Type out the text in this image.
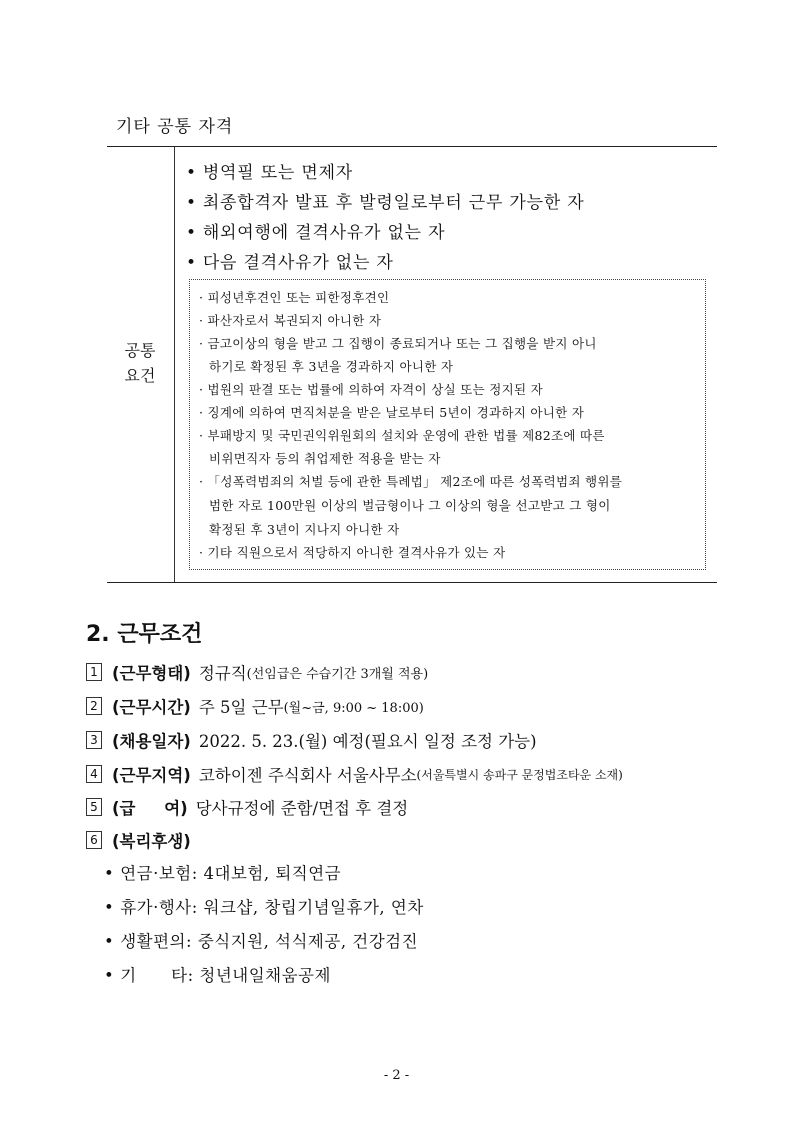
기타 공통 자격
공통
요건
• 병역필 또는 면제자
• 최종합격자 발표 후 발령일로부터 근무 가능한 자
• 해외여행에 결격사유가 없는 자
• 다음 결격사유가 없는 자
· 피성년후견인 또는 피한정후견인
· 파산자로서 복권되지 아니한 자
· 금고이상의 형을 받고 그 집행이 종료되거나 또는 그 집행을 받지 아니
하기로 확정된 후 3년을 경과하지 아니한 자
· 법원의 판결 또는 법률에 의하여 자격이 상실 또는 정지된 자
· 징계에 의하여 면직처분을 받은 날로부터 5년이 경과하지 아니한 자
· 부패방지 및 국민권익위원회의 설치와 운영에 관한 법률 제82조에 따른
비위면직자 등의 취업제한 적용을 받는 자
· 「성폭력범죄의 처벌 등에 관한 특례법」 제2조에 따른 성폭력범죄 행위를
범한 자로 100만원 이상의 벌금형이나 그 이상의 형을 선고받고 그 형이
확정된 후 3년이 지나지 아니한 자
· 기타 직원으로서 적당하지 아니한 결격사유가 있는 자
2. 근무조건
1 (근무형태) 정규직 (선임급은 수습기간 3개월 적용)
2 (근무시간) 주 5일 근무 (월~금, 9:00 ~ 18:00)
3 (채용일자) 2022. 5. 23.(월) 예정(필요시 일정 조정 가능)
4 (근무지역) 코하이젠 주식회사 서울사무소 (서울특별시 송파구 문정법조타운 소재)
5 (급     여) 당사규정에 준함/면접 후 결정
6 (복리후생)
• 연금·보험: 4대보험, 퇴직연금
• 휴가·행사: 워크샵, 창립기념일휴가, 연차
• 생활편의: 중식지원, 석식제공, 건강검진
• 기      타: 청년내일채움공제
- 2 -
